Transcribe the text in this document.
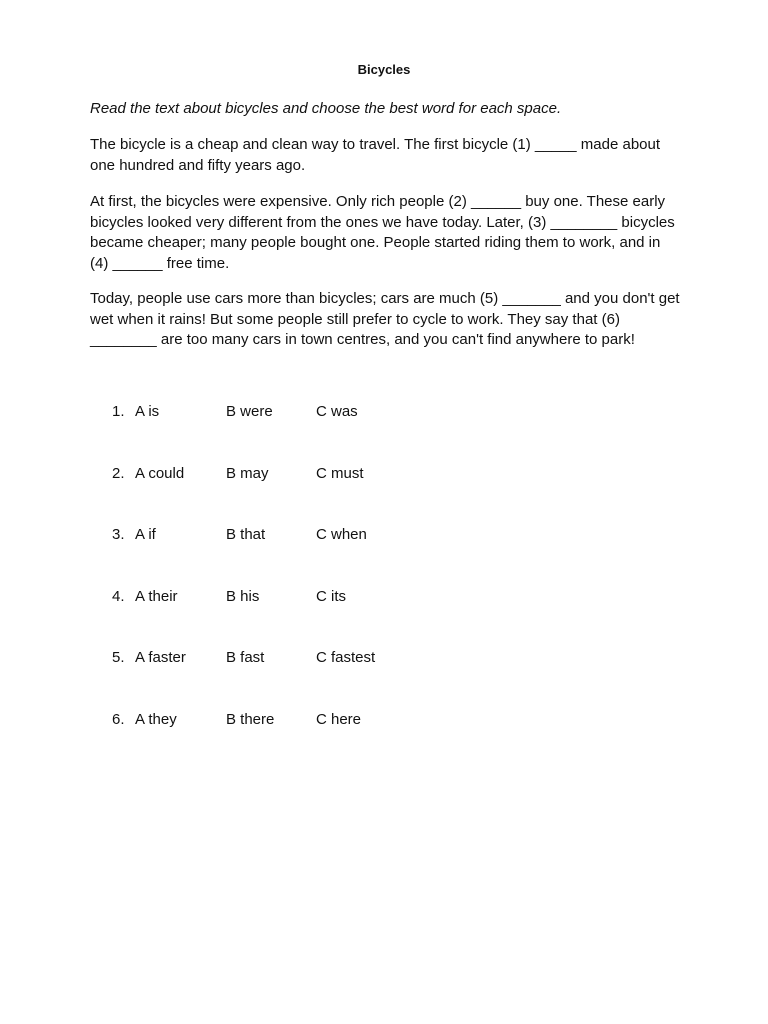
Bicycles

Read the text about bicycles and choose the best word for each space.

The bicycle is a cheap and clean way to travel. The first bicycle (1) _____ made about one hundred and fifty years ago.

At first, the bicycles were expensive. Only rich people (2) ______ buy one. These early bicycles looked very different from the ones we have today. Later, (3) ________ bicycles became cheaper; many people bought one. People started riding them to work, and in (4) ______ free time.

Today, people use cars more than bicycles; cars are much (5) _______ and you don't get wet when it rains! But some people still prefer to cycle to work. They say that (6) ________ are too many cars in town centres, and you can't find anywhere to park!

1. A is	B were	C was
2. A could	B may	C must
3. A if	B that	C when
4. A their	B his	C its
5. A faster	B fast	C fastest
6. A they	B there	C here
